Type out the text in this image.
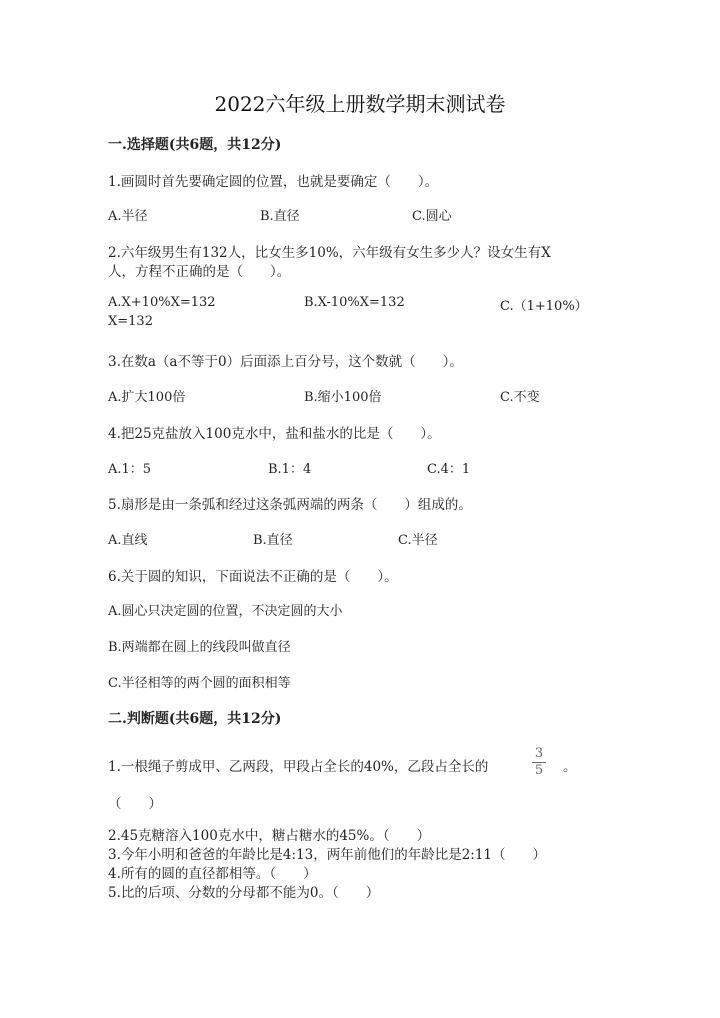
2022六年级上册数学期末测试卷
一.选择题(共6题，共12分)
1.画圆时首先要确定圆的位置，也就是要确定（　　）。
A.半径	B.直径	C.圆心
2.六年级男生有132人，比女生多10%，六年级有女生多少人？设女生有X
人，方程不正确的是（　　）。
A.X+10%X=132	B.X-10%X=132	C.（1+10%）
X=132
3.在数a（a不等于0）后面添上百分号，这个数就（　　）。
A.扩大100倍	B.缩小100倍	C.不变
4.把25克盐放入100克水中，盐和盐水的比是（　　）。
A.1：5	B.1：4	C.4：1
5.扇形是由一条弧和经过这条弧两端的两条（　　）组成的。
A.直线	B.直径	C.半径
6.关于圆的知识，下面说法不正确的是（　　）。
A.圆心只决定圆的位置，不决定圆的大小
B.两端都在圆上的线段叫做直径
C.半径相等的两个圆的面积相等
二.判断题(共6题，共12分)
1.一根绳子剪成甲、乙两段，甲段占全长的40%，乙段占全长的
3
5 。
（　　）
2.45克糖溶入100克水中，糖占糖水的45%。（　　）
3.今年小明和爸爸的年龄比是4:13，两年前他们的年龄比是2:11（　　）
4.所有的圆的直径都相等。（　　）
5.比的后项、分数的分母都不能为0。（　　）
